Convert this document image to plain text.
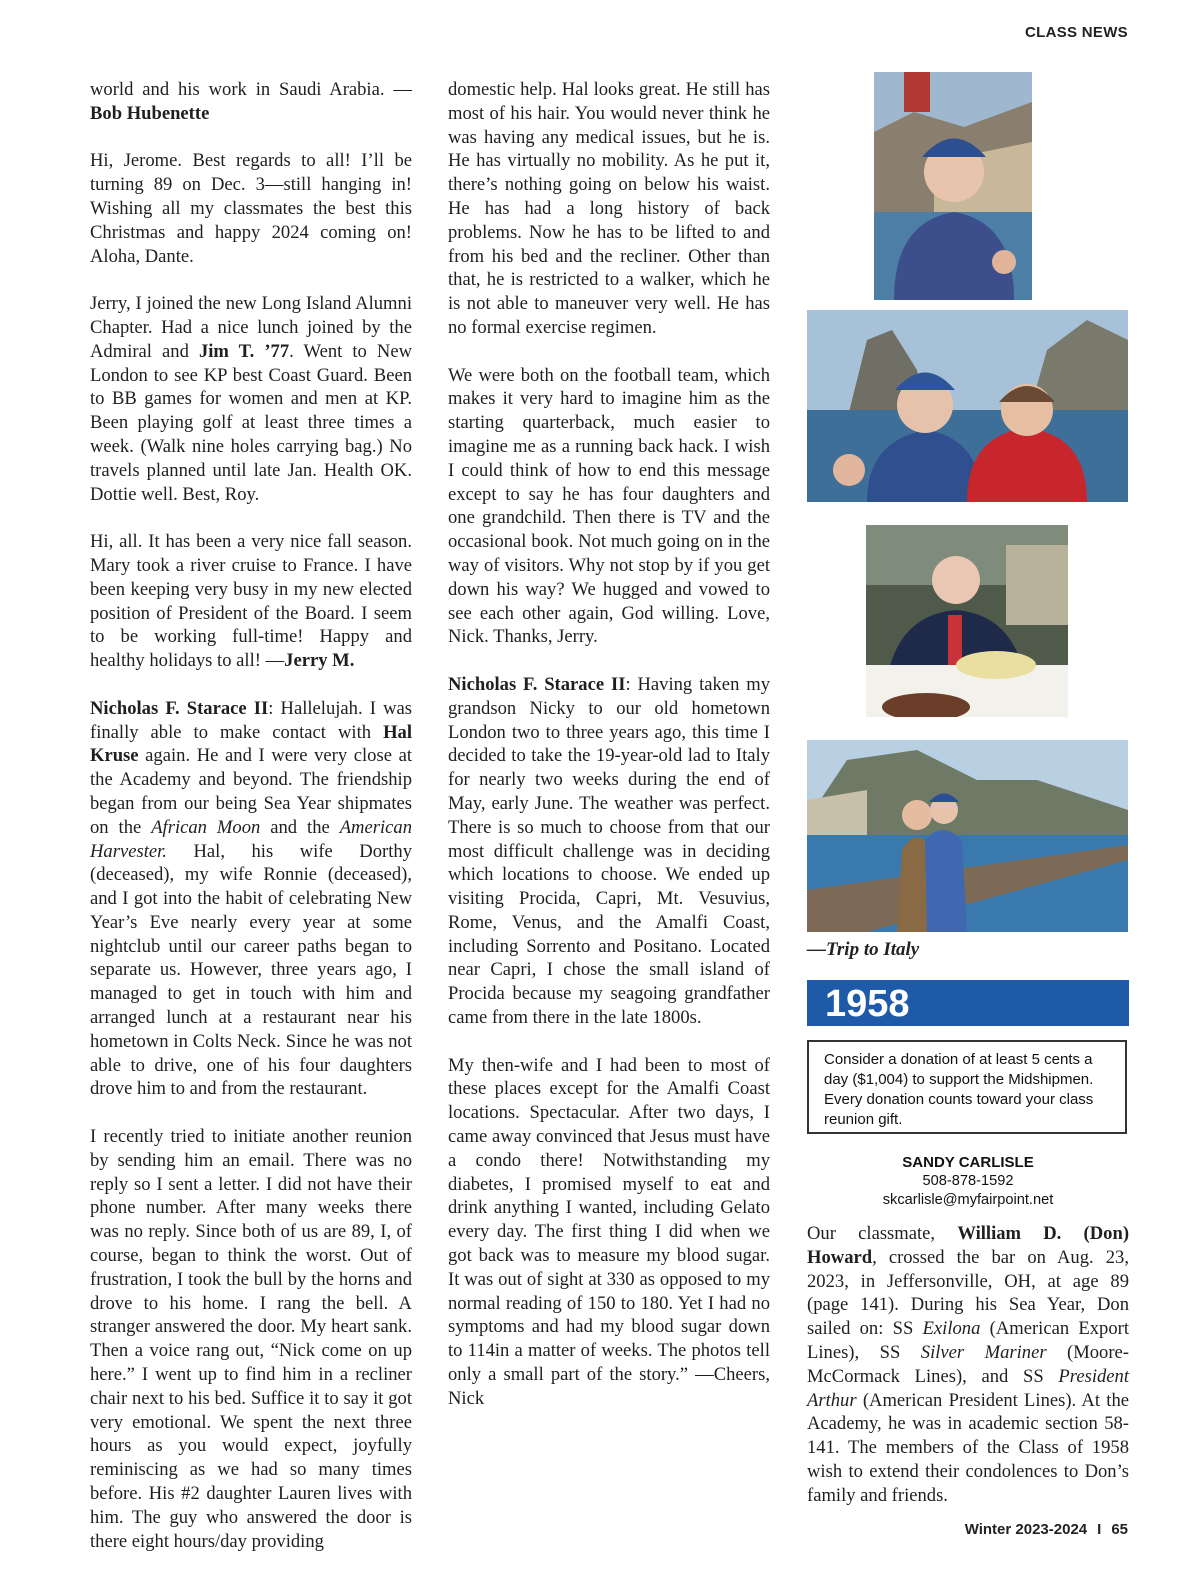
CLASS NEWS

world and his work in Saudi Arabia. —Bob Hubenette

Hi, Jerome. Best regards to all! I’ll be turning 89 on Dec. 3—still hanging in! Wishing all my classmates the best this Christmas and happy 2024 coming on! Aloha, Dante.

Jerry, I joined the new Long Island Alumni Chapter. Had a nice lunch joined by the Admiral and Jim T. ’77. Went to New London to see KP best Coast Guard. Been to BB games for women and men at KP. Been playing golf at least three times a week. (Walk nine holes carrying bag.) No travels planned until late Jan. Health OK. Dottie well. Best, Roy.

Hi, all. It has been a very nice fall season. Mary took a river cruise to France. I have been keeping very busy in my new elected position of President of the Board. I seem to be working full-time! Happy and healthy holidays to all! —Jerry M.

Nicholas F. Starace II: Hallelujah. I was finally able to make contact with Hal Kruse again. He and I were very close at the Academy and beyond. The friendship began from our being Sea Year shipmates on the African Moon and the American Harvester. Hal, his wife Dorthy (deceased), my wife Ronnie (deceased), and I got into the habit of celebrating New Year’s Eve nearly every year at some nightclub until our career paths began to separate us. However, three years ago, I managed to get in touch with him and arranged lunch at a restaurant near his hometown in Colts Neck. Since he was not able to drive, one of his four daughters drove him to and from the restaurant.

I recently tried to initiate another reunion by sending him an email. There was no reply so I sent a letter. I did not have their phone number. After many weeks there was no reply. Since both of us are 89, I, of course, began to think the worst. Out of frustration, I took the bull by the horns and drove to his home. I rang the bell. A stranger answered the door. My heart sank. Then a voice rang out, “Nick come on up here.” I went up to find him in a recliner chair next to his bed. Suffice it to say it got very emotional. We spent the next three hours as you would expect, joyfully reminiscing as we had so many times before. His #2 daughter Lauren lives with him. The guy who answered the door is there eight hours/day providing

domestic help. Hal looks great. He still has most of his hair. You would never think he was having any medical issues, but he is. He has virtually no mobility. As he put it, there’s nothing going on below his waist. He has had a long history of back problems. Now he has to be lifted to and from his bed and the recliner. Other than that, he is restricted to a walker, which he is not able to maneuver very well. He has no formal exercise regimen.

We were both on the football team, which makes it very hard to imagine him as the starting quarterback, much easier to imagine me as a running back hack. I wish I could think of how to end this message except to say he has four daughters and one grandchild. Then there is TV and the occasional book. Not much going on in the way of visitors. Why not stop by if you get down his way? We hugged and vowed to see each other again, God willing. Love, Nick. Thanks, Jerry.

Nicholas F. Starace II: Having taken my grandson Nicky to our old hometown London two to three years ago, this time I decided to take the 19-year-old lad to Italy for nearly two weeks during the end of May, early June. The weather was perfect. There is so much to choose from that our most difficult challenge was in deciding which locations to choose. We ended up visiting Procida, Capri, Mt. Vesuvius, Rome, Venus, and the Amalfi Coast, including Sorrento and Positano. Located near Capri, I chose the small island of Procida because my seagoing grandfather came from there in the late 1800s.

My then-wife and I had been to most of these places except for the Amalfi Coast locations. Spectacular. After two days, I came away convinced that Jesus must have a condo there! Notwithstanding my diabetes, I promised myself to eat and drink anything I wanted, including Gelato every day. The first thing I did when we got back was to measure my blood sugar. It was out of sight at 330 as opposed to my normal reading of 150 to 180. Yet I had no symptoms and had my blood sugar down to 114in a matter of weeks. The photos tell only a small part of the story.” —Cheers, Nick

—Trip to Italy
1958
Consider a donation of at least 5 cents a day ($1,004) to support the Midshipmen. Every donation counts toward your class reunion gift.
SANDY CARLISLE
508-878-1592
skcarlisle@myfairpoint.net
Our classmate, William D. (Don) Howard, crossed the bar on Aug. 23, 2023, in Jeffersonville, OH, at age 89 (page 141). During his Sea Year, Don sailed on: SS Exilona (American Export Lines), SS Silver Mariner (Moore-McCormack Lines), and SS President Arthur (American President Lines). At the Academy, he was in academic section 58-141. The members of the Class of 1958 wish to extend their condolences to Don’s family and friends.
Winter 2023-2024 I 65
